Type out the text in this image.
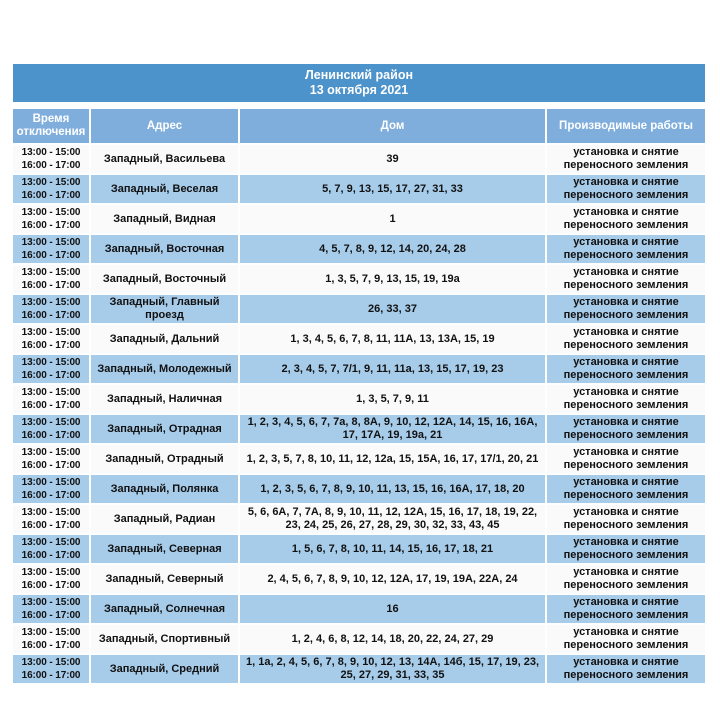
Ленинский район
13 октября 2021
Время отключения	Адрес	Дом	Производимые работы

13:00 - 15:00
16:00 - 17:00	Западный, Васильева	39	установка и снятие переносного земления

13:00 - 15:00
16:00 - 17:00	Западный, Веселая	5, 7, 9, 13, 15, 17, 27, 31, 33	установка и снятие переносного земления

13:00 - 15:00
16:00 - 17:00	Западный, Видная	1	установка и снятие переносного земления

13:00 - 15:00
16:00 - 17:00	Западный, Восточная	4, 5, 7, 8, 9, 12, 14, 20, 24, 28	установка и снятие переносного земления

13:00 - 15:00
16:00 - 17:00	Западный, Восточный	1, 3, 5, 7, 9, 13, 15, 19, 19а	установка и снятие переносного земления

13:00 - 15:00
16:00 - 17:00	Западный, Главный проезд	26, 33, 37	установка и снятие переносного земления

13:00 - 15:00
16:00 - 17:00	Западный, Дальний	1, 3, 4, 5, 6, 7, 8, 11, 11А, 13, 13А, 15, 19	установка и снятие переносного земления

13:00 - 15:00
16:00 - 17:00	Западный, Молодежный	2, 3, 4, 5, 7, 7/1, 9, 11, 11а, 13, 15, 17, 19, 23	установка и снятие переносного земления

13:00 - 15:00
16:00 - 17:00	Западный, Наличная	1, 3, 5, 7, 9, 11	установка и снятие переносного земления

13:00 - 15:00
16:00 - 17:00	Западный, Отрадная	1, 2, 3, 4, 5, 6, 7, 7а, 8, 8А, 9, 10, 12, 12А, 14, 15, 16, 16А, 17, 17А, 19, 19а, 21	установка и снятие переносного земления

13:00 - 15:00
16:00 - 17:00	Западный, Отрадный	1, 2, 3, 5, 7, 8, 10, 11, 12, 12а, 15, 15А, 16, 17, 17/1, 20, 21	установка и снятие переносного земления

13:00 - 15:00
16:00 - 17:00	Западный, Полянка	1, 2, 3, 5, 6, 7, 8, 9, 10, 11, 13, 15, 16, 16А, 17, 18, 20	установка и снятие переносного земления

13:00 - 15:00
16:00 - 17:00	Западный, Радиан	5, 6, 6А, 7, 7А, 8, 9, 10, 11, 12, 12А, 15, 16, 17, 18, 19, 22, 23, 24, 25, 26, 27, 28, 29, 30, 32, 33, 43, 45	установка и снятие переносного земления

13:00 - 15:00
16:00 - 17:00	Западный, Северная	1, 5, 6, 7, 8, 10, 11, 14, 15, 16, 17, 18, 21	установка и снятие переносного земления

13:00 - 15:00
16:00 - 17:00	Западный, Северный	2, 4, 5, 6, 7, 8, 9, 10, 12, 12А, 17, 19, 19А, 22А, 24	установка и снятие переносного земления

13:00 - 15:00
16:00 - 17:00	Западный, Солнечная	16	установка и снятие переносного земления

13:00 - 15:00
16:00 - 17:00	Западный, Спортивный	1, 2, 4, 6, 8, 12, 14, 18, 20, 22, 24, 27, 29	установка и снятие переносного земления

13:00 - 15:00
16:00 - 17:00	Западный, Средний	1, 1а, 2, 4, 5, 6, 7, 8, 9, 10, 12, 13, 14А, 14б, 15, 17, 19, 23, 25, 27, 29, 31, 33, 35	установка и снятие переносного земления
